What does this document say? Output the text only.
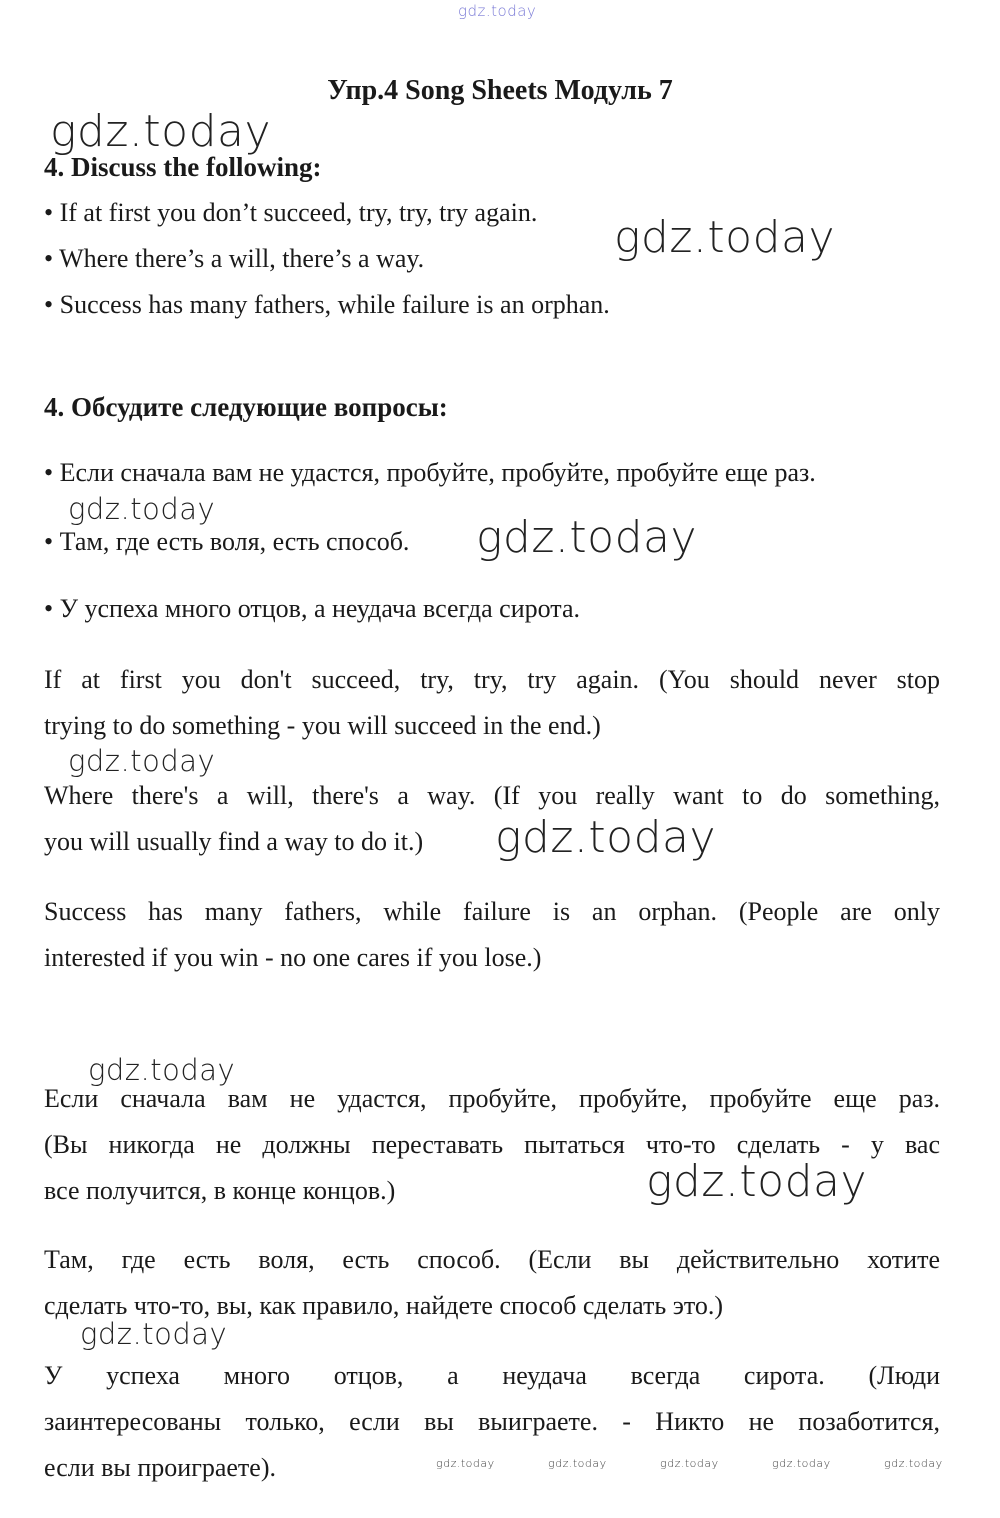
gdz.today
gdz.today
gdz.today
gdz.today
gdz.today
gdz.today
gdz.today
gdz.today
gdz.today
gdz.today
gdz.today	gdz.today	gdz.today	gdz.today	gdz.today
Упр.4 Song Sheets Модуль 7
4. Discuss the following:
• If at first you don’t succeed, try, try, try again.
• Where there’s a will, there’s a way.
• Success has many fathers, while failure is an orphan.
4. Обсудите следующие вопросы:
• Если сначала вам не удастся, пробуйте, пробуйте, пробуйте еще раз.
• Там, где есть воля, есть способ.
• У успеха много отцов, а неудача всегда сирота.
If at first you don't succeed, try, try, try again. (You should never stop
trying to do something - you will succeed in the end.)
Where there's a will, there's a way. (If you really want to do something,
you will usually find a way to do it.)
Success has many fathers, while failure is an orphan. (People are only
interested if you win - no one cares if you lose.)
Если сначала вам не удастся, пробуйте, пробуйте, пробуйте еще раз.
(Вы никогда не должны переставать пытаться что-то сделать - у вас
все получится, в конце концов.)
Там, где есть воля, есть способ. (Если вы действительно хотите
сделать что-то, вы, как правило, найдете способ сделать это.)
У успеха много отцов, а неудача всегда сирота. (Люди
заинтересованы только, если вы выиграете. - Никто не позаботится,
если вы проиграете).
